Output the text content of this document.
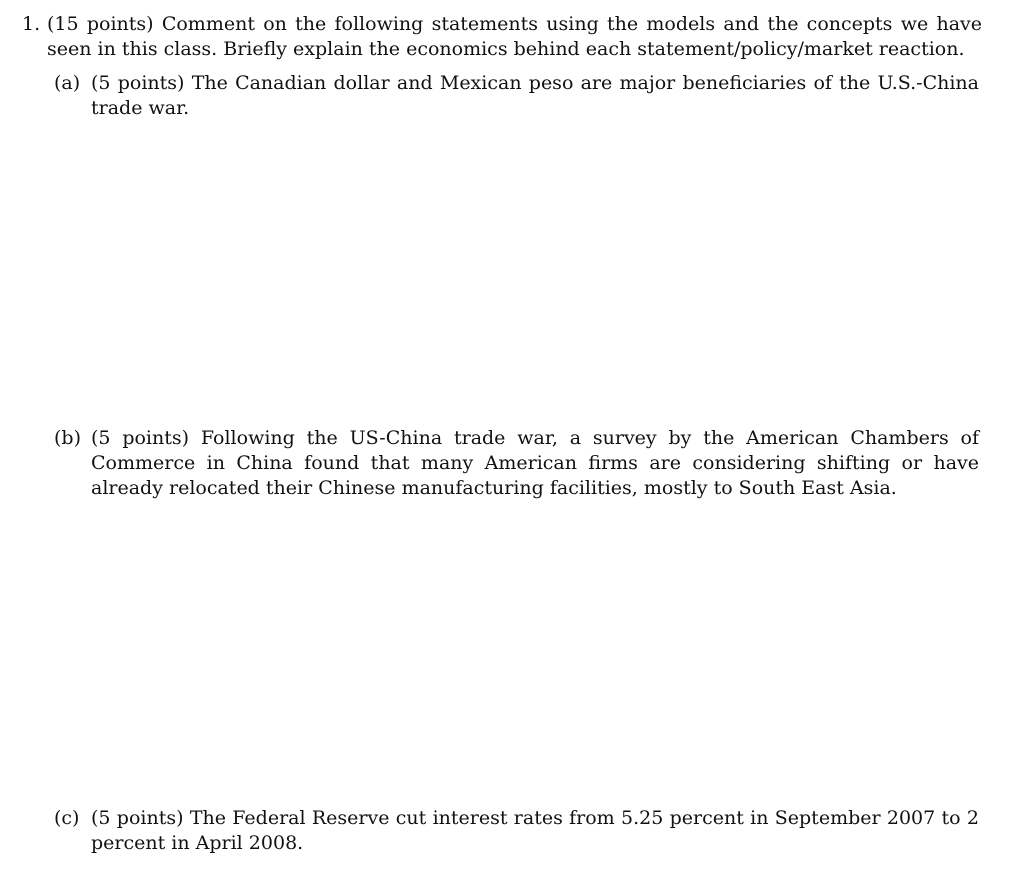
1. (15 points) Comment on the following statements using the models and the concepts we have seen in this class. Briefly explain the economics behind each statement/policy/market reaction.
(a) (5 points) The Canadian dollar and Mexican peso are major beneficiaries of the U.S.-China trade war.
(b) (5 points) Following the US-China trade war, a survey by the American Chambers of Commerce in China found that many American firms are considering shifting or have already relocated their Chinese manufacturing facilities, mostly to South East Asia.
(c) (5 points) The Federal Reserve cut interest rates from 5.25 percent in September 2007 to 2 percent in April 2008.
